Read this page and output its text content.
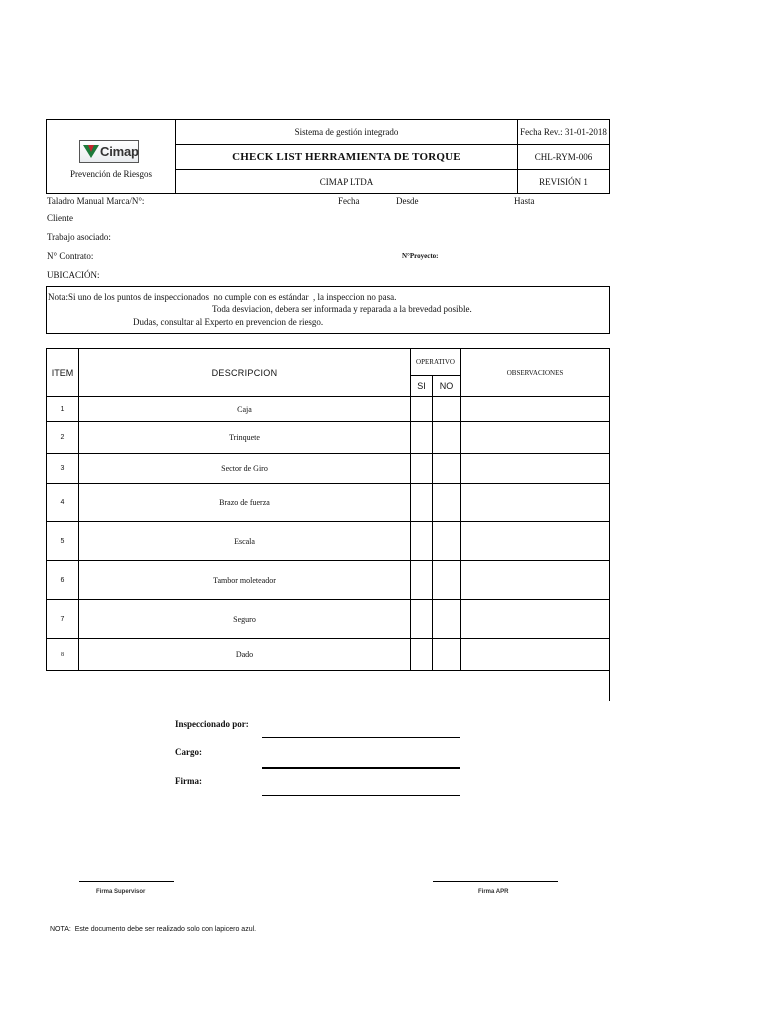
Cimap
Prevención de Riesgos
Sistema de gestión integrado
CHECK LIST HERRAMIENTA DE TORQUE
CIMAP LTDA
Fecha Rev.: 31-01-2018
CHL-RYM-006
REVISIÓN 1
Taladro Manual Marca/N°:	Fecha	Desde	Hasta
Cliente
Trabajo asociado:
N° Contrato:	N°Proyecto:
UBICACIÓN:
Nota:Si uno de los puntos de inspeccionados  no cumple con es estándar  , la inspeccion no pasa.
Toda desviacion, debera ser informada y reparada a la brevedad posible.
Dudas, consultar al Experto en prevencion de riesgo.
ITEM	DESCRIPCION
OPERATIVO
SI	NO
OBSERVACIONES
1	Caja
2	Trinquete
3	Sector de Giro
4	Brazo de fuerza
5	Escala
6	Tambor moleteador
7	Seguro
8	Dado
Inspeccionado por:
Cargo:
Firma:
Firma Supervisor	Firma APR
NOTA:  Este documento debe ser realizado solo con lapicero azul.
